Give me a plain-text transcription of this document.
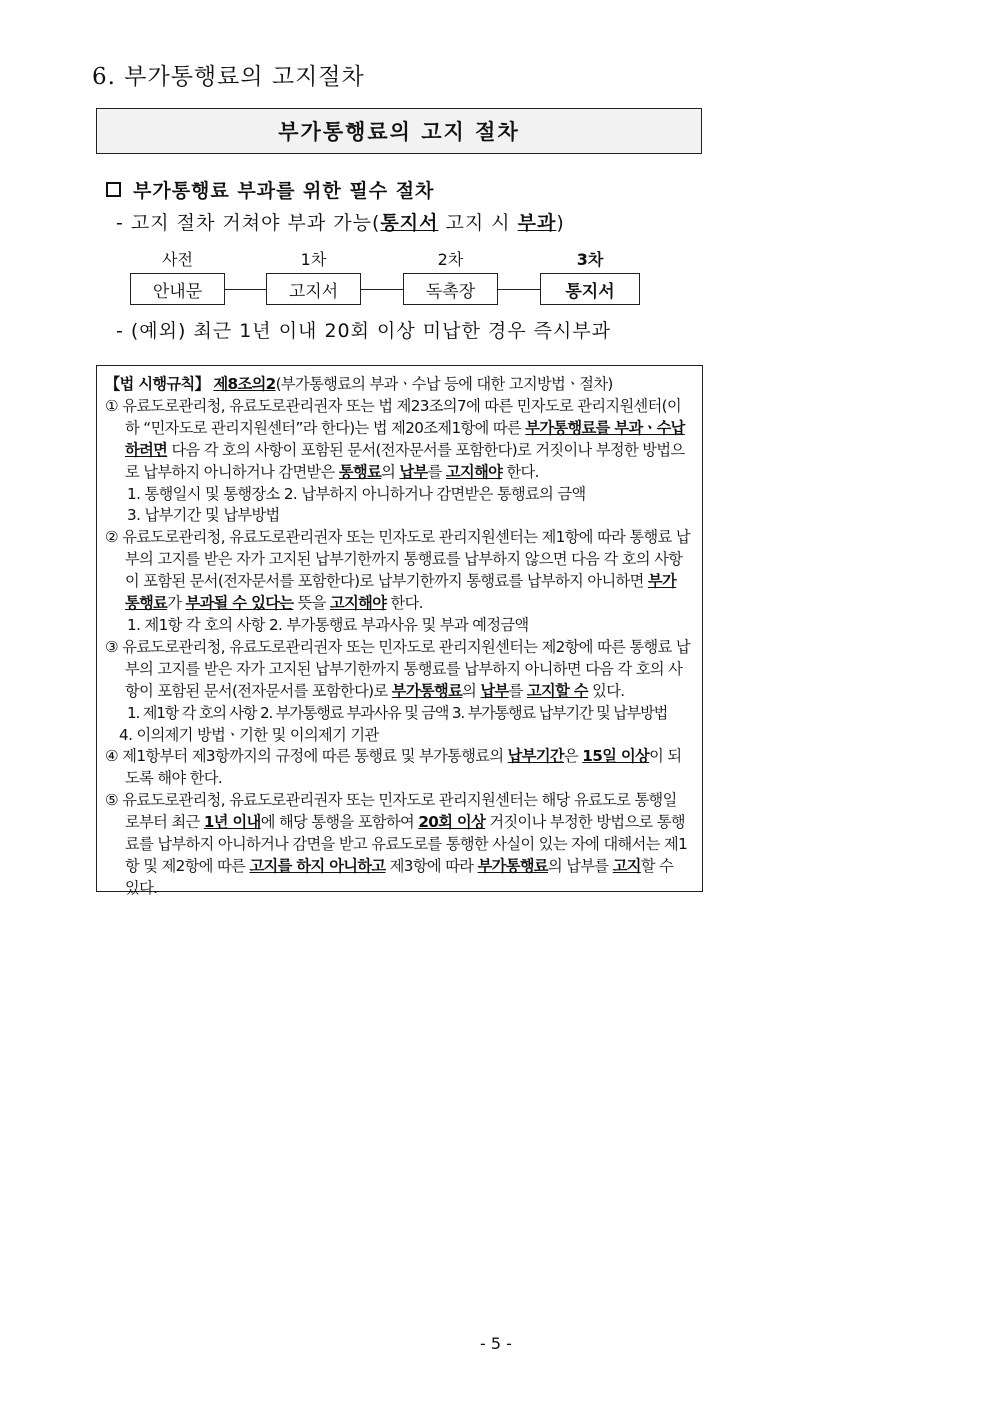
6. 부가통행료의 고지절차
부가통행료의 고지 절차
부가통행료 부과를 위한 필수 절차
- 고지 절차 거쳐야 부과 가능(통지서 고지 시 부과)
사전
안내문
1차
고지서
2차
독촉장
3차
통지서
- (예외) 최근 1년 이내 20회 이상 미납한 경우 즉시부과

【법 시행규칙】 제8조의2(부가통행료의 부과ㆍ수납 등에 대한 고지방법ㆍ절차)

① 유료도로관리청, 유료도로관리권자 또는 법 제23조의7에 따른 민자도로 관리지원센터(이하 “민자도로 관리지원센터”라 한다)는 법 제20조제1항에 따른 부가통행료를 부과ㆍ수납하려면 다음 각 호의 사항이 포함된 문서(전자문서를 포함한다)로 거짓이나 부정한 방법으로 납부하지 아니하거나 감면받은 통행료의 납부를 고지해야 한다.

1. 통행일시 및 통행장소 2. 납부하지 아니하거나 감면받은 통행료의 금액

3. 납부기간 및 납부방법

② 유료도로관리청, 유료도로관리권자 또는 민자도로 관리지원센터는 제1항에 따라 통행료 납부의 고지를 받은 자가 고지된 납부기한까지 통행료를 납부하지 않으면 다음 각 호의 사항이 포함된 문서(전자문서를 포함한다)로 납부기한까지 통행료를 납부하지 아니하면 부가통행료가 부과될 수 있다는 뜻을 고지해야 한다.

1. 제1항 각 호의 사항 2. 부가통행료 부과사유 및 부과 예정금액

③ 유료도로관리청, 유료도로관리권자 또는 민자도로 관리지원센터는 제2항에 따른 통행료 납부의 고지를 받은 자가 고지된 납부기한까지 통행료를 납부하지 아니하면 다음 각 호의 사항이 포함된 문서(전자문서를 포함한다)로 부가통행료의 납부를 고지할 수 있다.

1. 제1항 각 호의 사항 2. 부가통행료 부과사유 및 금액 3. 부가통행료 납부기간 및 납부방법

4. 이의제기 방법ㆍ기한 및 이의제기 기관

④ 제1항부터 제3항까지의 규정에 따른 통행료 및 부가통행료의 납부기간은 15일 이상이 되도록 해야 한다.

⑤ 유료도로관리청, 유료도로관리권자 또는 민자도로 관리지원센터는 해당 유료도로 통행일로부터 최근 1년 이내에 해당 통행을 포함하여 20회 이상 거짓이나 부정한 방법으로 통행료를 납부하지 아니하거나 감면을 받고 유료도로를 통행한 사실이 있는 자에 대해서는 제1항 및 제2항에 따른 고지를 하지 아니하고 제3항에 따라 부가통행료의 납부를 고지할 수 있다.

- 5 -
